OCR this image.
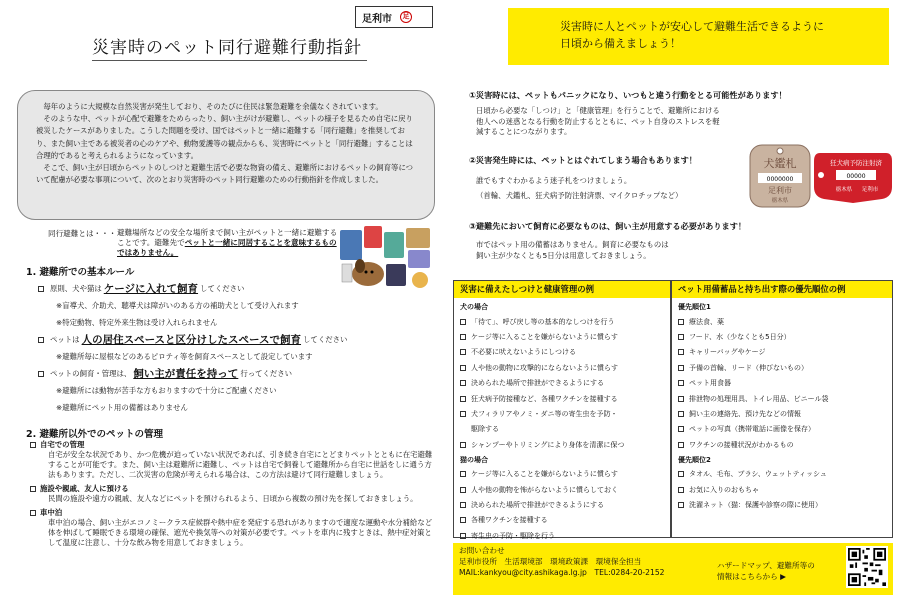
足利市	足
災害時のペット同行避難行動指針

毎年のように大規模な自然災害が発生しており、そのたびに住民は緊急避難を余儀なくされています。

そのような中、ペットが心配で避難をためらったり、飼い主がけが避難し、ペットの様子を見るため自宅に戻り被災したケースがありました。こうした問題を受け、国ではペットと一緒に避難する「同行避難」を推奨しており、また飼い主である被災者の心のケアや、動物愛護等の観点からも、災害時にペットと「同行避難」することは合理的であると考えられるようになっています。

そこで、飼い主が日頃からペットのしつけと避難生活で必要な物資の備え、避難所におけるペットの飼育等について配慮が必要な事項について、次のとおり災害時のペット同行避難のための行動指針を作成しました。

同行避難とは・・・ 避難場所などの安全な場所まで飼い主がペットと一緒に避難することです。避難先でペットと一緒に同居することを意味するものではありません。
1. 避難所での基本ルール
原則、犬や猫は ケージに入れて飼育 してください
※盲導犬、介助犬、聴導犬は障がいのある方の補助犬として受け入れます
※特定動物、特定外来生物は受け入れられません
ペットは 人の居住スペースと区分けしたスペースで飼育 してください
※避難所毎に屋根などのあるピロティ等を飼育スペースとして設定しています
ペットの飼育・管理は、 飼い主が責任を持って 行ってください
※避難所には動物が苦手な方もおりますので十分にご配慮ください
※避難所にペット用の備蓄はありません
2. 避難所以外でのペットの管理
自宅での管理
自宅が安全な状況であり、かつ危機が迫っていない状況であれば、引き続き自宅にとどまりペットとともに在宅避難することが可能です。また、飼い主は避難所に避難し、ペットは自宅で飼養して避難所から自宅に世話をしに通う方法もあります。ただし、二次災害の危険が考えられる場合は、この方法は避けて同行避難しましょう。
施設や親戚、友人に預ける
民間の施設や遠方の親戚、友人などにペットを預けられるよう、日頃から複数の預け先を探しておきましょう。
車中泊
車中泊の場合、飼い主がエコノミークラス症候群や熱中症を発症する恐れがありますので適度な運動や水分補給など体を伸ばして睡眠できる環境の確保、遮光や換気等への対策が必要です。ペットを車内に残すときは、熱中症対策として温度に注意し、十分な飲み物を用意しておきましょう。
災害時に人とペットが安心して避難生活できるように
日頃から備えましょう！
①災害時には、ペットもパニックになり、いつもと違う行動をとる可能性があります！
日頃から必要な「しつけ」と「健康管理」を行うことで、避難所における
他人への迷惑となる行動を防止するとともに、ペット自身のストレスを軽
減することにつながります。
②災害発生時には、ペットとはぐれてしまう場合もあります！
誰でもすぐわかるよう迷子札をつけましょう。
（首輪、犬鑑札、狂犬病予防注射済票、マイクロチップなど）
③避難先において飼育に必要なものは、飼い主が用意する必要があります！
市ではペット用の備蓄はありません。飼育に必要なものは
飼い主が少なくとも5日分は用意しておきましょう。
犬鑑札
0000000
足利市
栃木県
狂犬病予防注射済
00000
栃木県 足利市
災害に備えたしつけと健康管理の例
犬の場合
「待て」、呼び戻し等の基本的なしつけを行う
ケージ等に入ることを嫌がらないように慣らす
不必要に吠えないようにしつける
人や他の動物に攻撃的にならないように慣らす
決められた場所で排泄ができるようにする
狂犬病予防接種など、各種ワクチンを接種する
犬フィラリアやノミ・ダニ等の寄生虫を予防・
駆除する
シャンプーやトリミングにより身体を清潔に保つ
猫の場合
ケージ等に入ることを嫌がらないように慣らす
人や他の動物を怖がらないように慣らしておく
決められた場所で排泄ができるようにする
各種ワクチンを接種する
寄生虫の予防・駆除を行う
ペット用備蓄品と持ち出す際の優先順位の例
優先順位1
療法食、薬
フード、水（少なくとも5日分）
キャリーバッグやケージ
予備の首輪、リード（伸びないもの）
ペット用食器
排泄物の処理用具、トイレ用品、ビニール袋
飼い主の連絡先、預け先などの情報
ペットの写真（携帯電話に画像を保存）
ワクチンの接種状況がわかるもの
優先順位2
タオル、毛布、ブラシ、ウェットティッシュ
お気に入りのおもちゃ
洗濯ネット（猫：保護や診察の際に使用）
お問い合わせ
足利市役所　生活環境部　環境政策課　環境保全担当
MAIL:kankyou@city.ashikaga.lg.jp　TEL:0284-20-2152
ハザードマップ、避難所等の
情報はこちらから ▶
